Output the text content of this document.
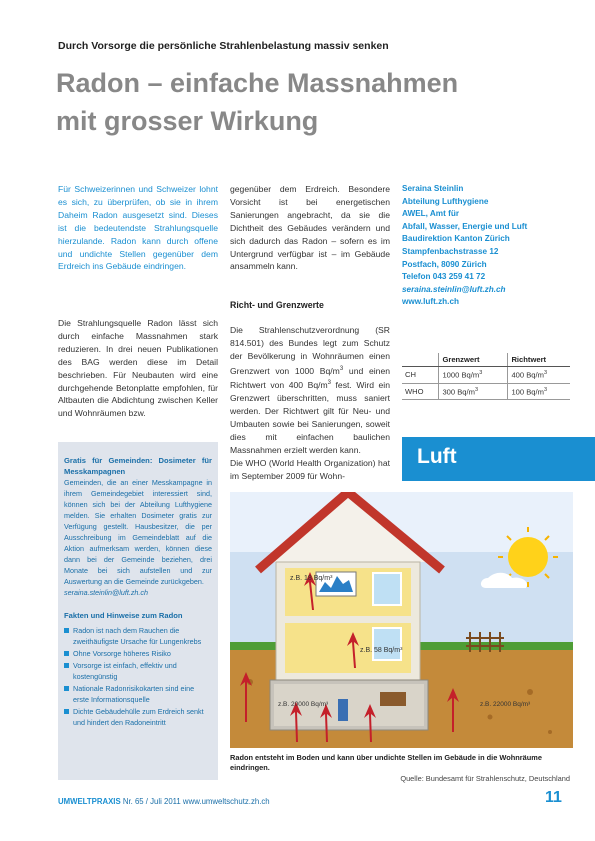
Durch Vorsorge die persönliche Strahlenbelastung massiv senken
Radon – einfache Massnahmen
mit grosser Wirkung
Für Schweizerinnen und Schweizer lohnt es sich, zu überprüfen, ob sie in ihrem Daheim Radon ausgesetzt sind. Dieses ist die bedeutendste Strahlungsquelle hierzulande. Radon kann durch offene und undichte Stellen gegenüber dem Erdreich ins Gebäude eindringen.
Die Strahlungsquelle Radon lässt sich durch einfache Massnahmen stark reduzieren. In drei neuen Publikationen des BAG werden diese im Detail beschrieben. Für Neubauten wird eine durchgehende Betonplatte empfohlen, für Altbauten die Abdichtung zwischen Keller und Wohnräumen bzw.
gegenüber dem Erdreich. Besondere Vorsicht ist bei energetischen Sanierungen angebracht, da sie die Dichtheit des Gebäudes verändern und sich dadurch das Radon – sofern es im Untergrund verfügbar ist – im Gebäude ansammeln kann.
Richt- und Grenzwerte
Die Strahlenschutzverordnung (SR 814.501) des Bundes legt zum Schutz der Bevölkerung in Wohnräumen einen Grenzwert von 1000 $Bq/m^3$ und einen Richtwert von 400 $Bq/m^3$ fest. Wird ein Grenzwert überschritten, muss saniert werden. Der Richtwert gilt für Neu- und Umbauten sowie bei Sanierungen, soweit dies mit einfachen baulichen Massnahmen erzielt werden kann.
Die WHO (World Health Organization) hat im September 2009 für Wohn-
Seraina Steinlin
Abteilung Lufthygiene
AWEL, Amt für
Abfall, Wasser, Energie und Luft
Baudirektion Kanton Zürich
Stampfenbachstrasse 12
Postfach, 8090 Zürich
Telefon 043 259 41 72
seraina.steinlin@luft.zh.ch
www.luft.zh.ch
	Grenzwert	Richtwert
CH	1000 $Bq/m^3$	400 $Bq/m^3$
WHO	300 $Bq/m^3$	100 $Bq/m^3$
Luft
Gratis für Gemeinden: Dosimeter für Messkampagnen
Gemeinden, die an einer Messkampagne in ihrem Gemeindegebiet interessiert sind, können sich bei der Abteilung Lufthygiene melden. Sie erhalten Dosimeter gratis zur Verfügung gestellt. Hausbesitzer, die per Ausschreibung im Gemeindeblatt auf die Aktion aufmerksam werden, können diese dann bei der Gemeinde beziehen, drei Monate bei sich aufstellen und zur Auswertung an die Gemeinde zurückgeben.
seraina.steinlin@luft.zh.ch
Fakten und Hinweise zum Radon
Radon ist nach dem Rauchen die zweithäufigste Ursache für Lungenkrebs
Ohne Vorsorge höheres Risiko
Vorsorge ist einfach, effektiv und kostengünstig
Nationale Radonrisikokarten sind eine erste Informationsquelle
Dichte Gebäudehülle zum Erdreich senkt und hindert den Radoneintritt
z.B. 18 Bq/m³
z.B. 58 Bq/m³
z.B. 20000 Bq/m³	z.B. 22000 Bq/m³
Radon entsteht im Boden und kann über undichte Stellen im Gebäude in die Wohnräume eindringen.
Quelle: Bundesamt für Strahlenschutz, Deutschland
UMWELTPRAXIS Nr. 65 / Juli 2011 www.umweltschutz.zh.ch	11
